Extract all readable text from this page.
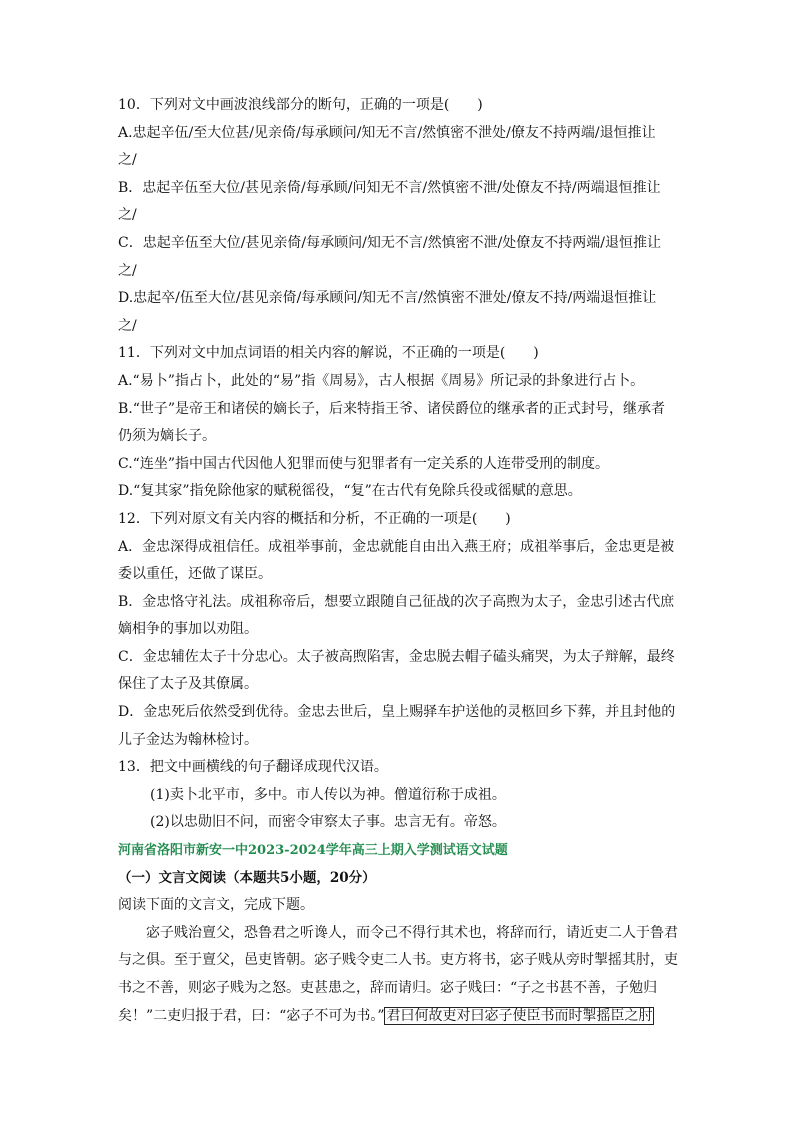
10．下列对文中画波浪线部分的断句，正确的一项是(　　)

A.忠起辛伍/至大位甚/见亲倚/每承顾问/知无不言/然慎密不泄处/僚友不持两端/退恒推让

之/

B．忠起辛伍至大位/甚见亲倚/每承顾/问知无不言/然慎密不泄/处僚友不持/两端退恒推让

之/

C．忠起辛伍至大位/甚见亲倚/每承顾问/知无不言/然慎密不泄/处僚友不持两端/退恒推让

之/

D.忠起卒/伍至大位/甚见亲倚/每承顾问/知无不言/然慎密不泄处/僚友不持/两端退恒推让

之/

11．下列对文中加点词语的相关内容的解说，不正确的一项是(　　)

A.“易卜”指占卜，此处的“易”指《周易》，古人根据《周易》所记录的卦象进行占卜。

B.“世子”是帝王和诸侯的嫡长子，后来特指王爷、诸侯爵位的继承者的正式封号，继承者

仍须为嫡长子。

C.“连坐”指中国古代因他人犯罪而使与犯罪者有一定关系的人连带受刑的制度。

D.“复其家”指免除他家的赋税徭役，“复”在古代有免除兵役或徭赋的意思。

12．下列对原文有关内容的概括和分析，不正确的一项是(　　)

A．金忠深得成祖信任。成祖举事前，金忠就能自由出入燕王府；成祖举事后，金忠更是被

委以重任，还做了谋臣。

B．金忠恪守礼法。成祖称帝后，想要立跟随自己征战的次子高煦为太子，金忠引述古代庶

嫡相争的事加以劝阻。

C．金忠辅佐太子十分忠心。太子被高煦陷害，金忠脱去帽子磕头痛哭，为太子辩解，最终

保住了太子及其僚属。

D．金忠死后依然受到优待。金忠去世后，皇上赐驿车护送他的灵柩回乡下葬，并且封他的

儿子金达为翰林检讨。

13．把文中画横线的句子翻译成现代汉语。

(1)卖卜北平市，多中。市人传以为神。僧道衍称于成祖。

(2)以忠勋旧不问，而密令审察太子事。忠言无有。帝怒。

河南省洛阳市新安一中2023-2024学年高三上期入学测试语文试题

（一）文言文阅读（本题共5小题，20分）

阅读下面的文言文，完成下题。

宓子贱治亶父，恐鲁君之听谗人，而令己不得行其术也，将辞而行，请近吏二人于鲁君

与之俱。至于亶父，邑吏皆朝。宓子贱令吏二人书。吏方将书，宓子贱从旁时掣摇其肘，吏

书之不善，则宓子贱为之怒。吏甚患之，辞而请归。宓子贱曰：“子之书甚不善，子勉归

矣！”二吏归报于君，曰：“宓子不可为书。” 君曰何故吏对曰宓子使臣书而时掣摇臣之肘
